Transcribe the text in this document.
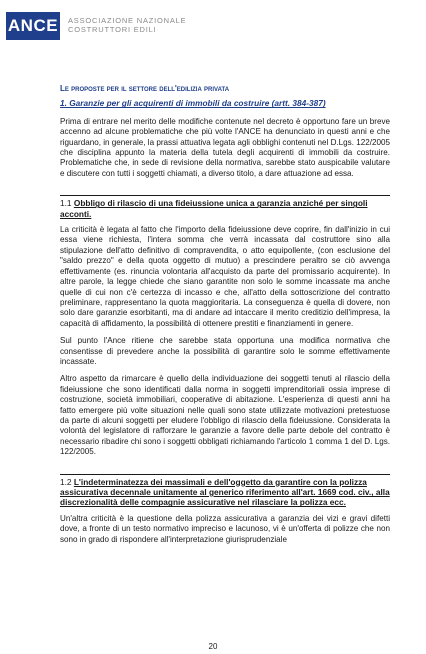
ANCE ASSOCIAZIONE NAZIONALE
COSTRUTTORI EDILI
Le proposte per il settore dell'edilizia privata
1. Garanzie per gli acquirenti di immobili da costruire (artt. 384-387)

Prima di entrare nel merito delle modifiche contenute nel decreto è opportuno fare un breve accenno ad alcune problematiche che più volte l'ANCE ha denunciato in questi anni e che riguardano, in generale, la prassi attuativa legata agli obblighi contenuti nel D.Lgs. 122/2005 che disciplina appunto la materia della tutela degli acquirenti di immobili da costruire. Problematiche che, in sede di revisione della normativa, sarebbe stato auspicabile valutare e discutere con tutti i soggetti chiamati, a diverso titolo, a dare attuazione ad essa.

1.1 Obbligo di rilascio di una fideiussione unica a garanzia anziché per singoli acconti.

La criticità è legata al fatto che l'importo della fideiussione deve coprire, fin dall'inizio in cui essa viene richiesta, l'intera somma che verrà incassata dal costruttore sino alla stipulazione dell'atto definitivo di compravendita, o atto equipollente, (con esclusione del "saldo prezzo" e della quota oggetto di mutuo) a prescindere peraltro se ciò avvenga effettivamente (es. rinuncia volontaria all'acquisto da parte del promissario acquirente). In altre parole, la legge chiede che siano garantite non solo le somme incassate ma anche quelle di cui non c'è certezza di incasso e che, all'atto della sottoscrizione del contratto preliminare, rappresentano la quota maggioritaria. La conseguenza è quella di dovere, non solo dare garanzie esorbitanti, ma di andare ad intaccare il merito creditizio dell'impresa, la capacità di affidamento, la possibilità di ottenere prestiti e finanziamenti in genere.

Sul punto l'Ance ritiene che sarebbe stata opportuna una modifica normativa che consentisse di prevedere anche la possibilità di garantire solo le somme effettivamente incassate.

Altro aspetto da rimarcare è quello della individuazione dei soggetti tenuti al rilascio della fideiussione che sono identificati dalla norma in soggetti imprenditoriali ossia imprese di costruzione, società immobiliari, cooperative di abitazione. L'esperienza di questi anni ha fatto emergere più volte situazioni nelle quali sono state utilizzate motivazioni pretestuose da parte di alcuni soggetti per eludere l'obbligo di rilascio della fideiussione. Considerata la volontà del legislatore di rafforzare le garanzie a favore delle parte debole del contratto è necessario ribadire chi sono i soggetti obbligati richiamando l'articolo 1 comma 1 del D. Lgs. 122/2005.

1.2 L'indeterminatezza dei massimali e dell'oggetto da garantire con la polizza assicurativa decennale unitamente al generico riferimento all'art. 1669 cod. civ., alla discrezionalità delle compagnie assicurative nel rilasciare la polizza ecc.

Un'altra criticità è la questione della polizza assicurativa a garanzia dei vizi e gravi difetti dove, a fronte di un testo normativo impreciso e lacunoso, vi è un'offerta di polizze che non sono in grado di rispondere all'interpretazione giurisprudenziale

20
